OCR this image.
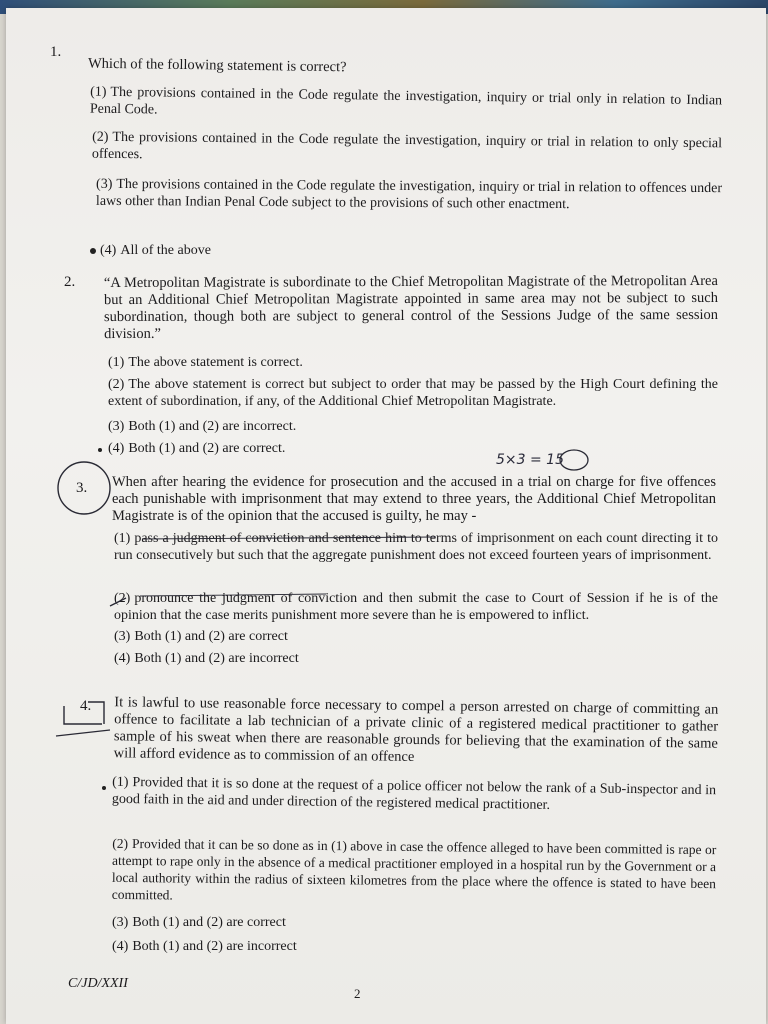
1.
Which of the following statement is correct?
(1) The provisions contained in the Code regulate the investigation, inquiry or trial only in relation to Indian Penal Code.
(2) The provisions contained in the Code regulate the investigation, inquiry or trial in relation to only special offences.
(3) The provisions contained in the Code regulate the investigation, inquiry or trial in relation to offences under laws other than Indian Penal Code subject to the provisions of such other enactment.
(4) All of the above
2. “A Metropolitan Magistrate is subordinate to the Chief Metropolitan Magistrate of the Metropolitan Area but an Additional Chief Metropolitan Magistrate appointed in same area may not be subject to such subordination, though both are subject to general control of the Sessions Judge of the same session division.”
(1) The above statement is correct.
(2) The above statement is correct but subject to order that may be passed by the High Court defining the extent of subordination, if any, of the Additional Chief Metropolitan Magistrate.
(3) Both (1) and (2) are incorrect.
(4) Both (1) and (2) are correct.
5×3 = 15
3. When after hearing the evidence for prosecution and the accused in a trial on charge for five offences each punishable with imprisonment that may extend to three years, the Additional Chief Metropolitan Magistrate is of the opinion that the accused is guilty, he may -
(1) pass a judgment of conviction and sentence him to terms of imprisonment on each count directing it to run consecutively but such that the aggregate punishment does not exceed fourteen years of imprisonment.
(2) pronounce the judgment of conviction and then submit the case to Court of Session if he is of the opinion that the case merits punishment more severe than he is empowered to inflict.
(3) Both (1) and (2) are correct
(4) Both (1) and (2) are incorrect
4. It is lawful to use reasonable force necessary to compel a person arrested on charge of committing an offence to facilitate a lab technician of a private clinic of a registered medical practitioner to gather sample of his sweat when there are reasonable grounds for believing that the examination of the same will afford evidence as to commission of an offence
(1) Provided that it is so done at the request of a police officer not below the rank of a Sub-inspector and in good faith in the aid and under direction of the registered medical practitioner.
(2) Provided that it can be so done as in (1) above in case the offence alleged to have been committed is rape or attempt to rape only in the absence of a medical practitioner employed in a hospital run by the Government or a local authority within the radius of sixteen kilometres from the place where the offence is stated to have been committed.
(3) Both (1) and (2) are correct
(4) Both (1) and (2) are incorrect
C/JD/XXII
2
